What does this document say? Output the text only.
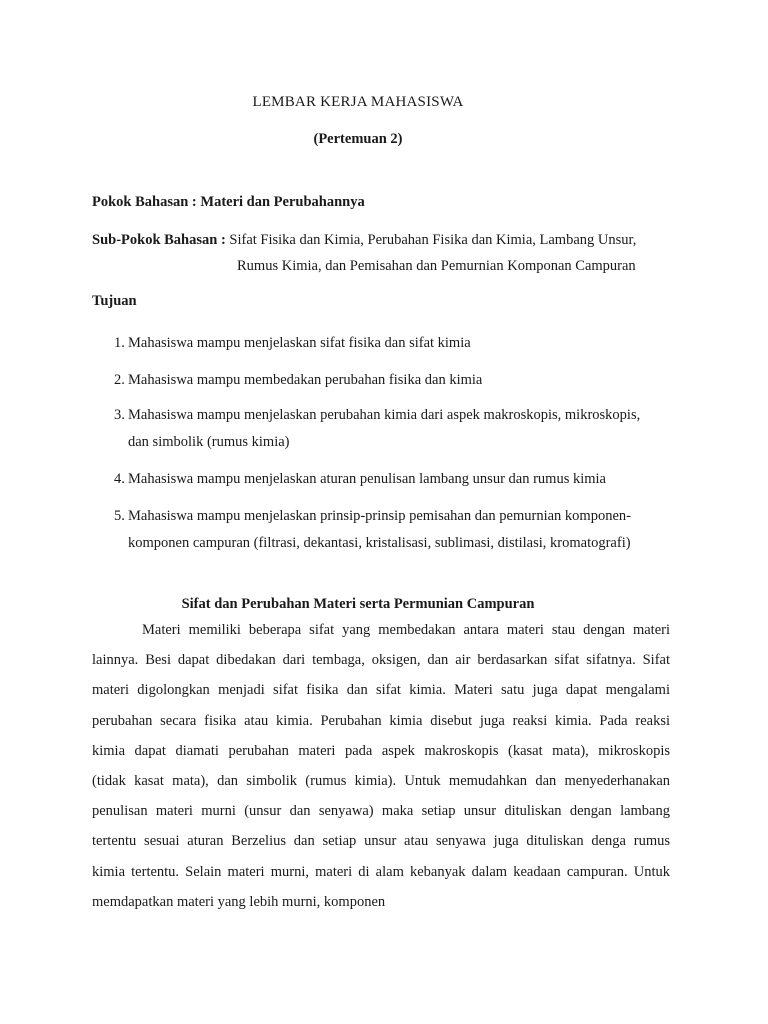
LEMBAR KERJA MAHASISWA
(Pertemuan 2)
Pokok Bahasan : Materi dan Perubahannya
Sub-Pokok Bahasan : Sifat Fisika dan Kimia, Perubahan Fisika dan Kimia, Lambang Unsur,
Rumus Kimia, dan Pemisahan dan Pemurnian Komponan Campuran
Tujuan
1. Mahasiswa mampu menjelaskan sifat fisika dan sifat kimia
2. Mahasiswa mampu membedakan perubahan fisika dan kimia
3. Mahasiswa mampu menjelaskan perubahan kimia dari aspek makroskopis, mikroskopis,
dan simbolik (rumus kimia)
4. Mahasiswa mampu menjelaskan aturan penulisan lambang unsur dan rumus kimia
5. Mahasiswa mampu menjelaskan prinsip-prinsip pemisahan dan pemurnian komponen-
komponen campuran (filtrasi, dekantasi, kristalisasi, sublimasi, distilasi, kromatografi)
Sifat dan Perubahan Materi serta Permunian Campuran
Materi memiliki beberapa sifat yang membedakan antara materi stau dengan materi
lainnya. Besi dapat dibedakan dari tembaga, oksigen, dan air berdasarkan sifat sifatnya. Sifat
materi digolongkan menjadi sifat fisika dan sifat kimia. Materi satu juga dapat mengalami
perubahan secara fisika atau kimia. Perubahan kimia disebut juga reaksi kimia. Pada reaksi
kimia dapat diamati perubahan materi pada aspek makroskopis (kasat mata), mikroskopis
(tidak kasat mata), dan simbolik (rumus kimia). Untuk memudahkan dan menyederhanakan
penulisan materi murni (unsur dan senyawa) maka setiap unsur dituliskan dengan lambang
tertentu sesuai aturan Berzelius dan setiap unsur atau senyawa juga dituliskan denga rumus
kimia tertentu. Selain materi murni, materi di alam kebanyak dalam keadaan campuran. Untuk
memdapatkan materi yang lebih murni, komponen
